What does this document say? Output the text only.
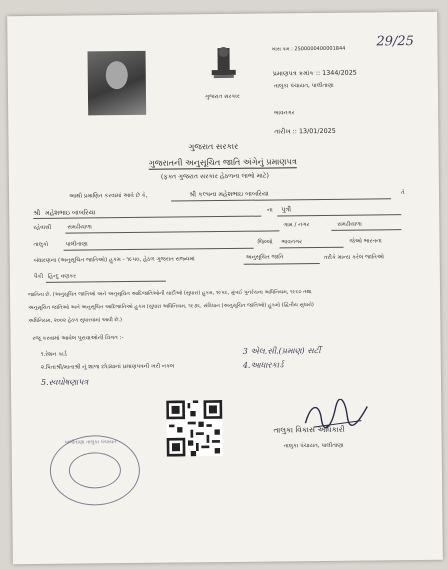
ગુજરાત સરકાર
ખાસ ક્રમ : 2500000400001844 29/25
પ્રમાણપત્ર ક્રમાંક :: 1344/2025
તાલુકા પંચાયત, પાલીતાણા
ભાવનગર
તારીખ :: 13/01/2025
ગુજરાત સરકાર
ગુજરાતની અનુસૂચિત જાતિ અંગેનું પ્રમાણપત્ર
(ફક્ત ગુજરાત સરકાર હેઠળના લાભો માટે)
આથી પ્રમાણિત કરવામાં આવે છે કે,	શ્રી કલ્પના મહેશભાઇ બાબરિયા	તે
શ્રી મહેશભાઇ બાબરિયા	ના પુત્રી
રહેવાસી	સમઢીયાળા	ગામ / નગર	સમઢીયાળા
તાલુકો	પાલીતાણા	જિલ્લો ભાવનગર	જેઓ ભારતના
બંધારણના (અનુસૂચિત જાતિઓ) હુકમ - ૧૯૫૦, હેઠળ ગુજરાત રાજ્યમાં	અનુસૂચિત જાતિ	તરીકે માન્ય કરેલ જાતિઓ
પૈકી હિન્દુ વણકર
જાતિના છે. (અનુસૂચિત જાતિઓ અને અનુસૂચિત આદિજાતિઓની યાદીઓ (સુધારા) હુકમ, ૧૯૫૬, મુંબઈ પુનર્રચના અધિનિયમ, ૧૯૬૦ તથા
અનુસૂચિત જાતિઓ અને અનુસૂચિત આદિજાતિઓ હુકમ (સુધારા અધિનિયમ, ૧૯૭૬, સંવિધાન (અનુસૂચિત જાતિઓ) હુકમો (દ્વિતીય સુધારો)
અધિનિયમ, ૨૦૦૨ હેઠળ સુધારવામાં આવી છે.)
રજૂ કરવામાં આવેલ પુરાવાઓની વિગત :-
૧.રેશન કાર્ડ
૨.પિતાશ્રી/માતાશ્રી નું શાળા છોડ્યાનાં પ્રમાણપત્રની ખરી નકલ
3 એલ.સી.(પ્રમાણ) સર્ટી
4.આધારકાર્ડ
5.સ્વઘોષણાપત્ર
પાલીતાણા તાલુકા પંચાયત
તાલુકા વિકાસ અધિકારી
તાલુકા પંચાયત, પાલીતાણા
